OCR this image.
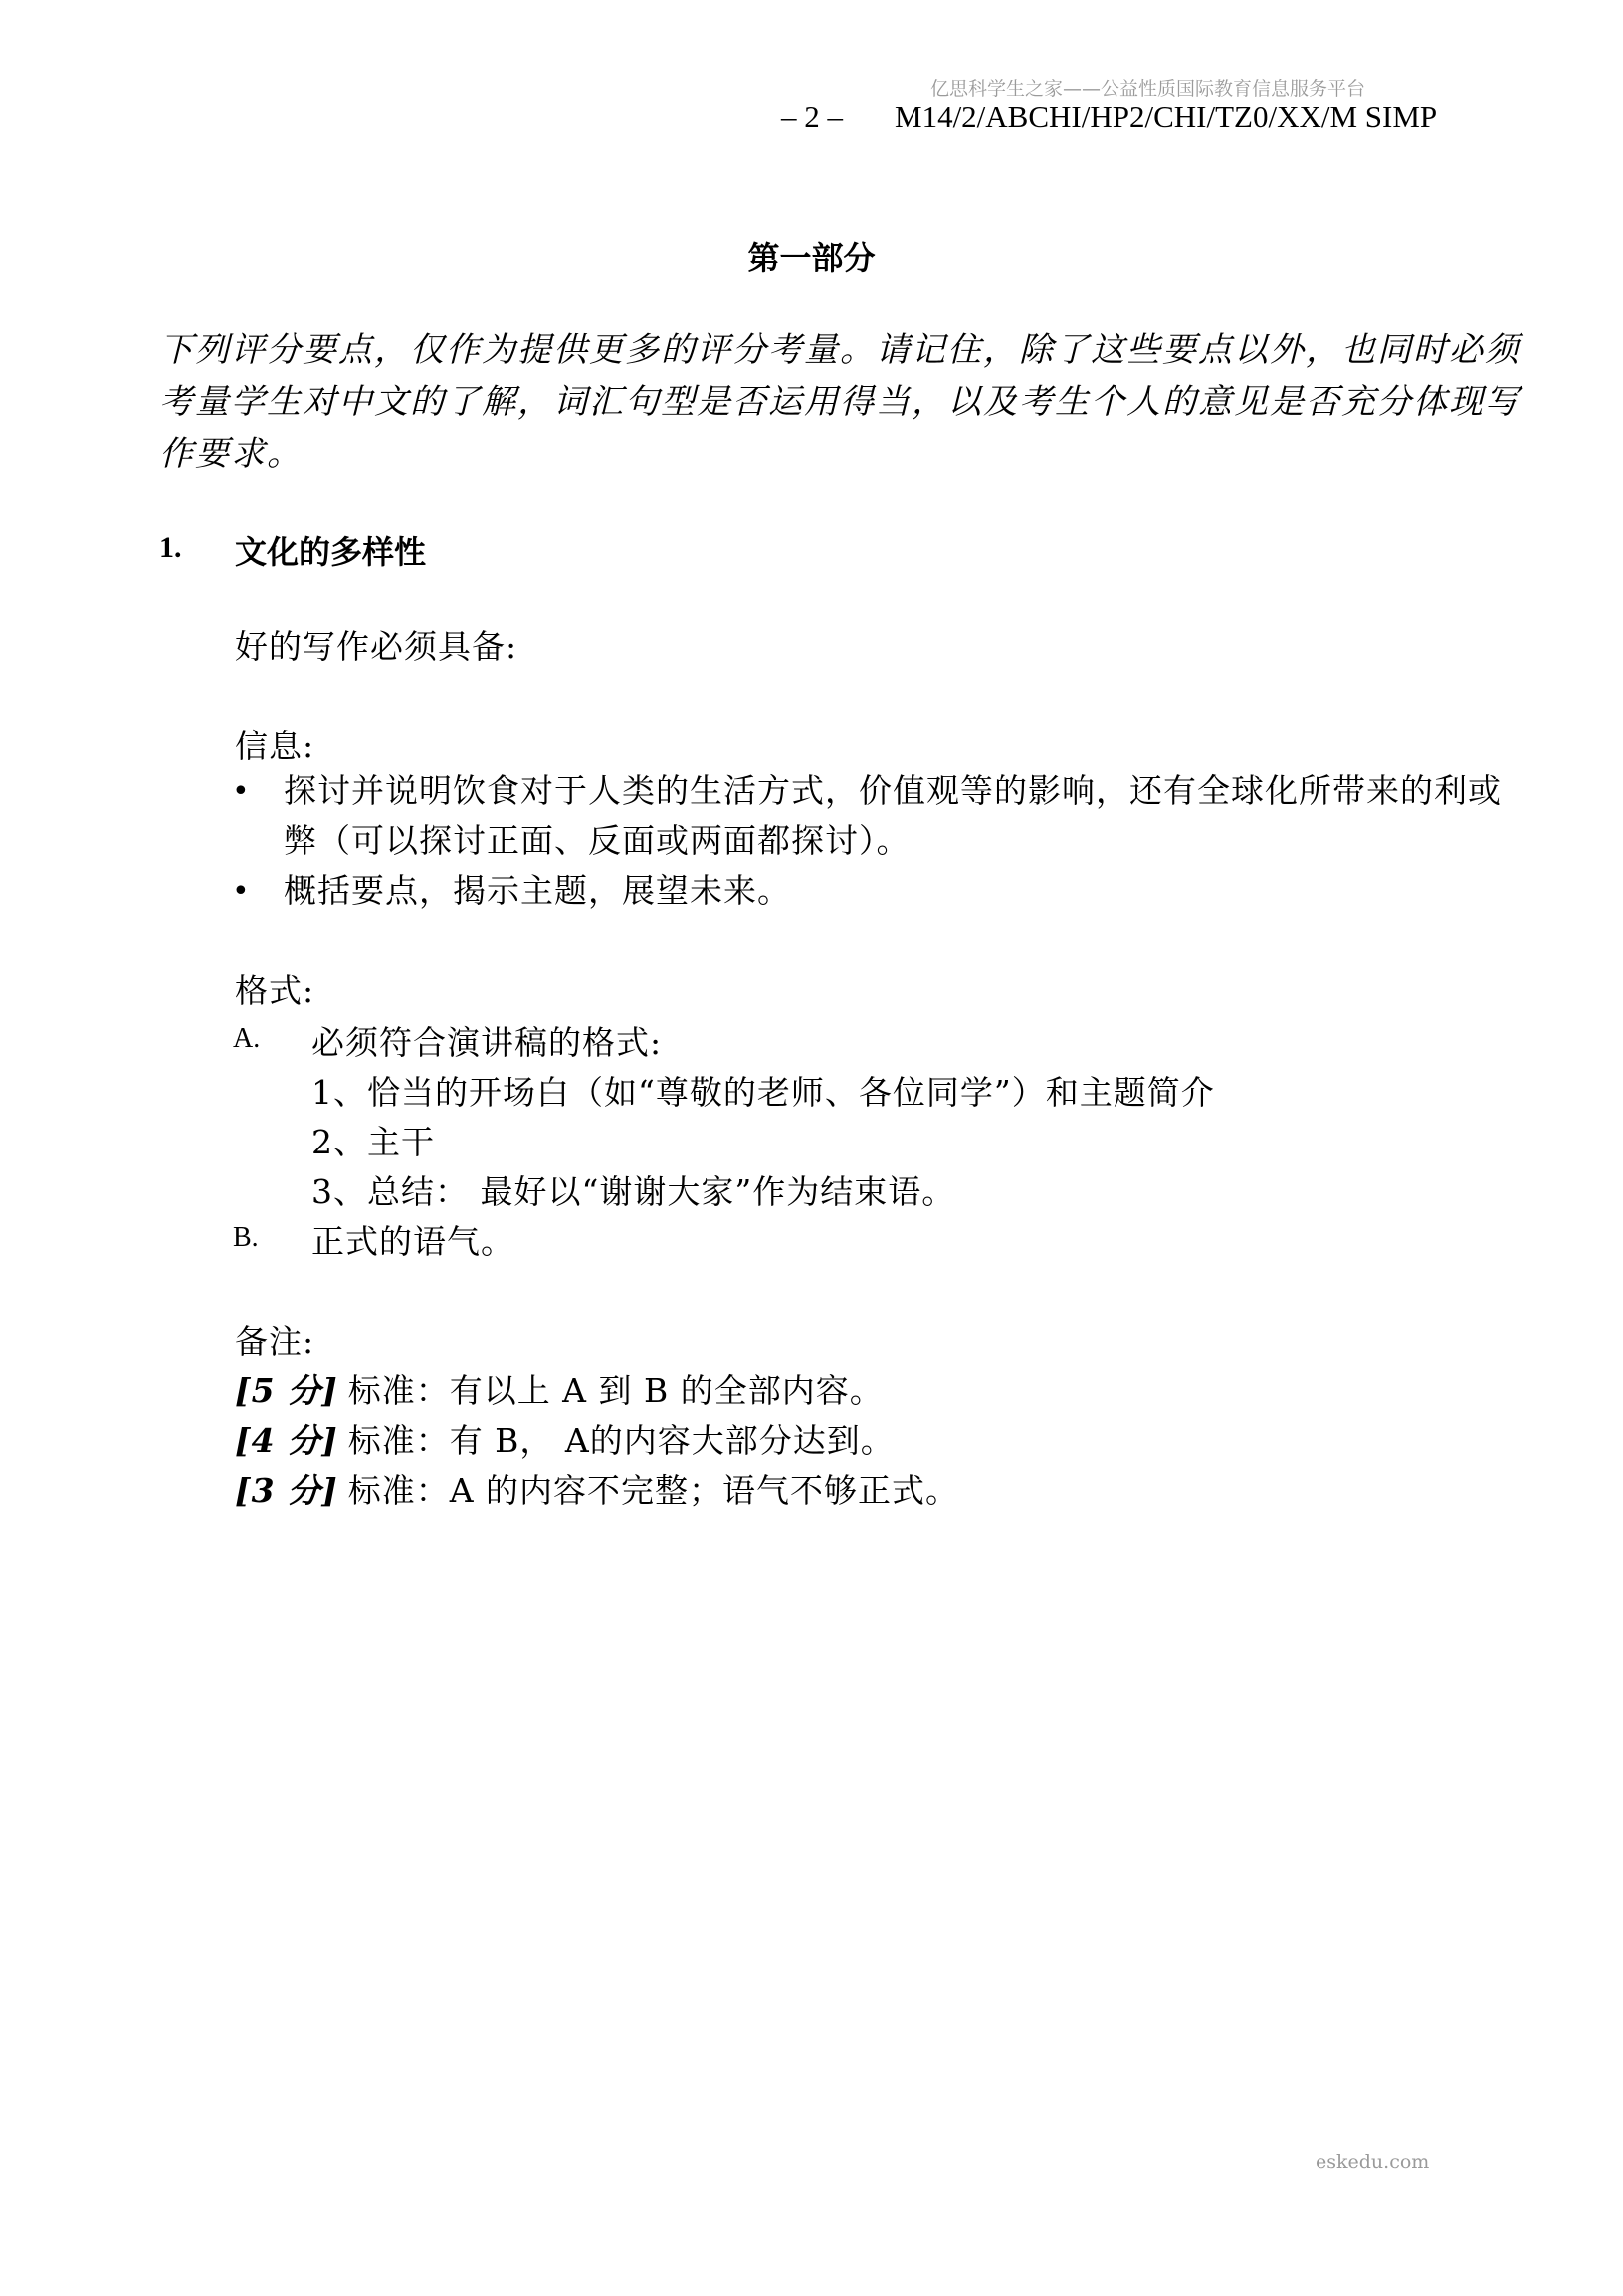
亿思科学生之家——公益性质国际教育信息服务平台
– 2 – M14/2/ABCHI/HP2/CHI/TZ0/XX/M SIMP
第一部分
下列评分要点，仅作为提供更多的评分考量。请记住，除了这些要点以外，也同时必须考量学生对中文的了解，词汇句型是否运用得当，以及考生个人的意见是否充分体现写作要求。
1. 文化的多样性
好的写作必须具备:
信息:
• 探讨并说明饮食对于人类的生活方式，价值观等的影响，还有全球化所带来的利或弊（可以探讨正面、反面或两面都探讨）。
• 概括要点，揭示主题，展望未来。
格式:
A. 必须符合演讲稿的格式:
1、恰当的开场白（如“尊敬的老师、各位同学”）和主题简介
2、主干
3、总结： 最好以“谢谢大家”作为结束语。
B. 正式的语气。
备注:
[5 分] 标准：有以上 A 到 B 的全部内容。
[4 分] 标准：有 B， A的内容大部分达到。
[3 分] 标准：A 的内容不完整；语气不够正式。
eskedu.com
